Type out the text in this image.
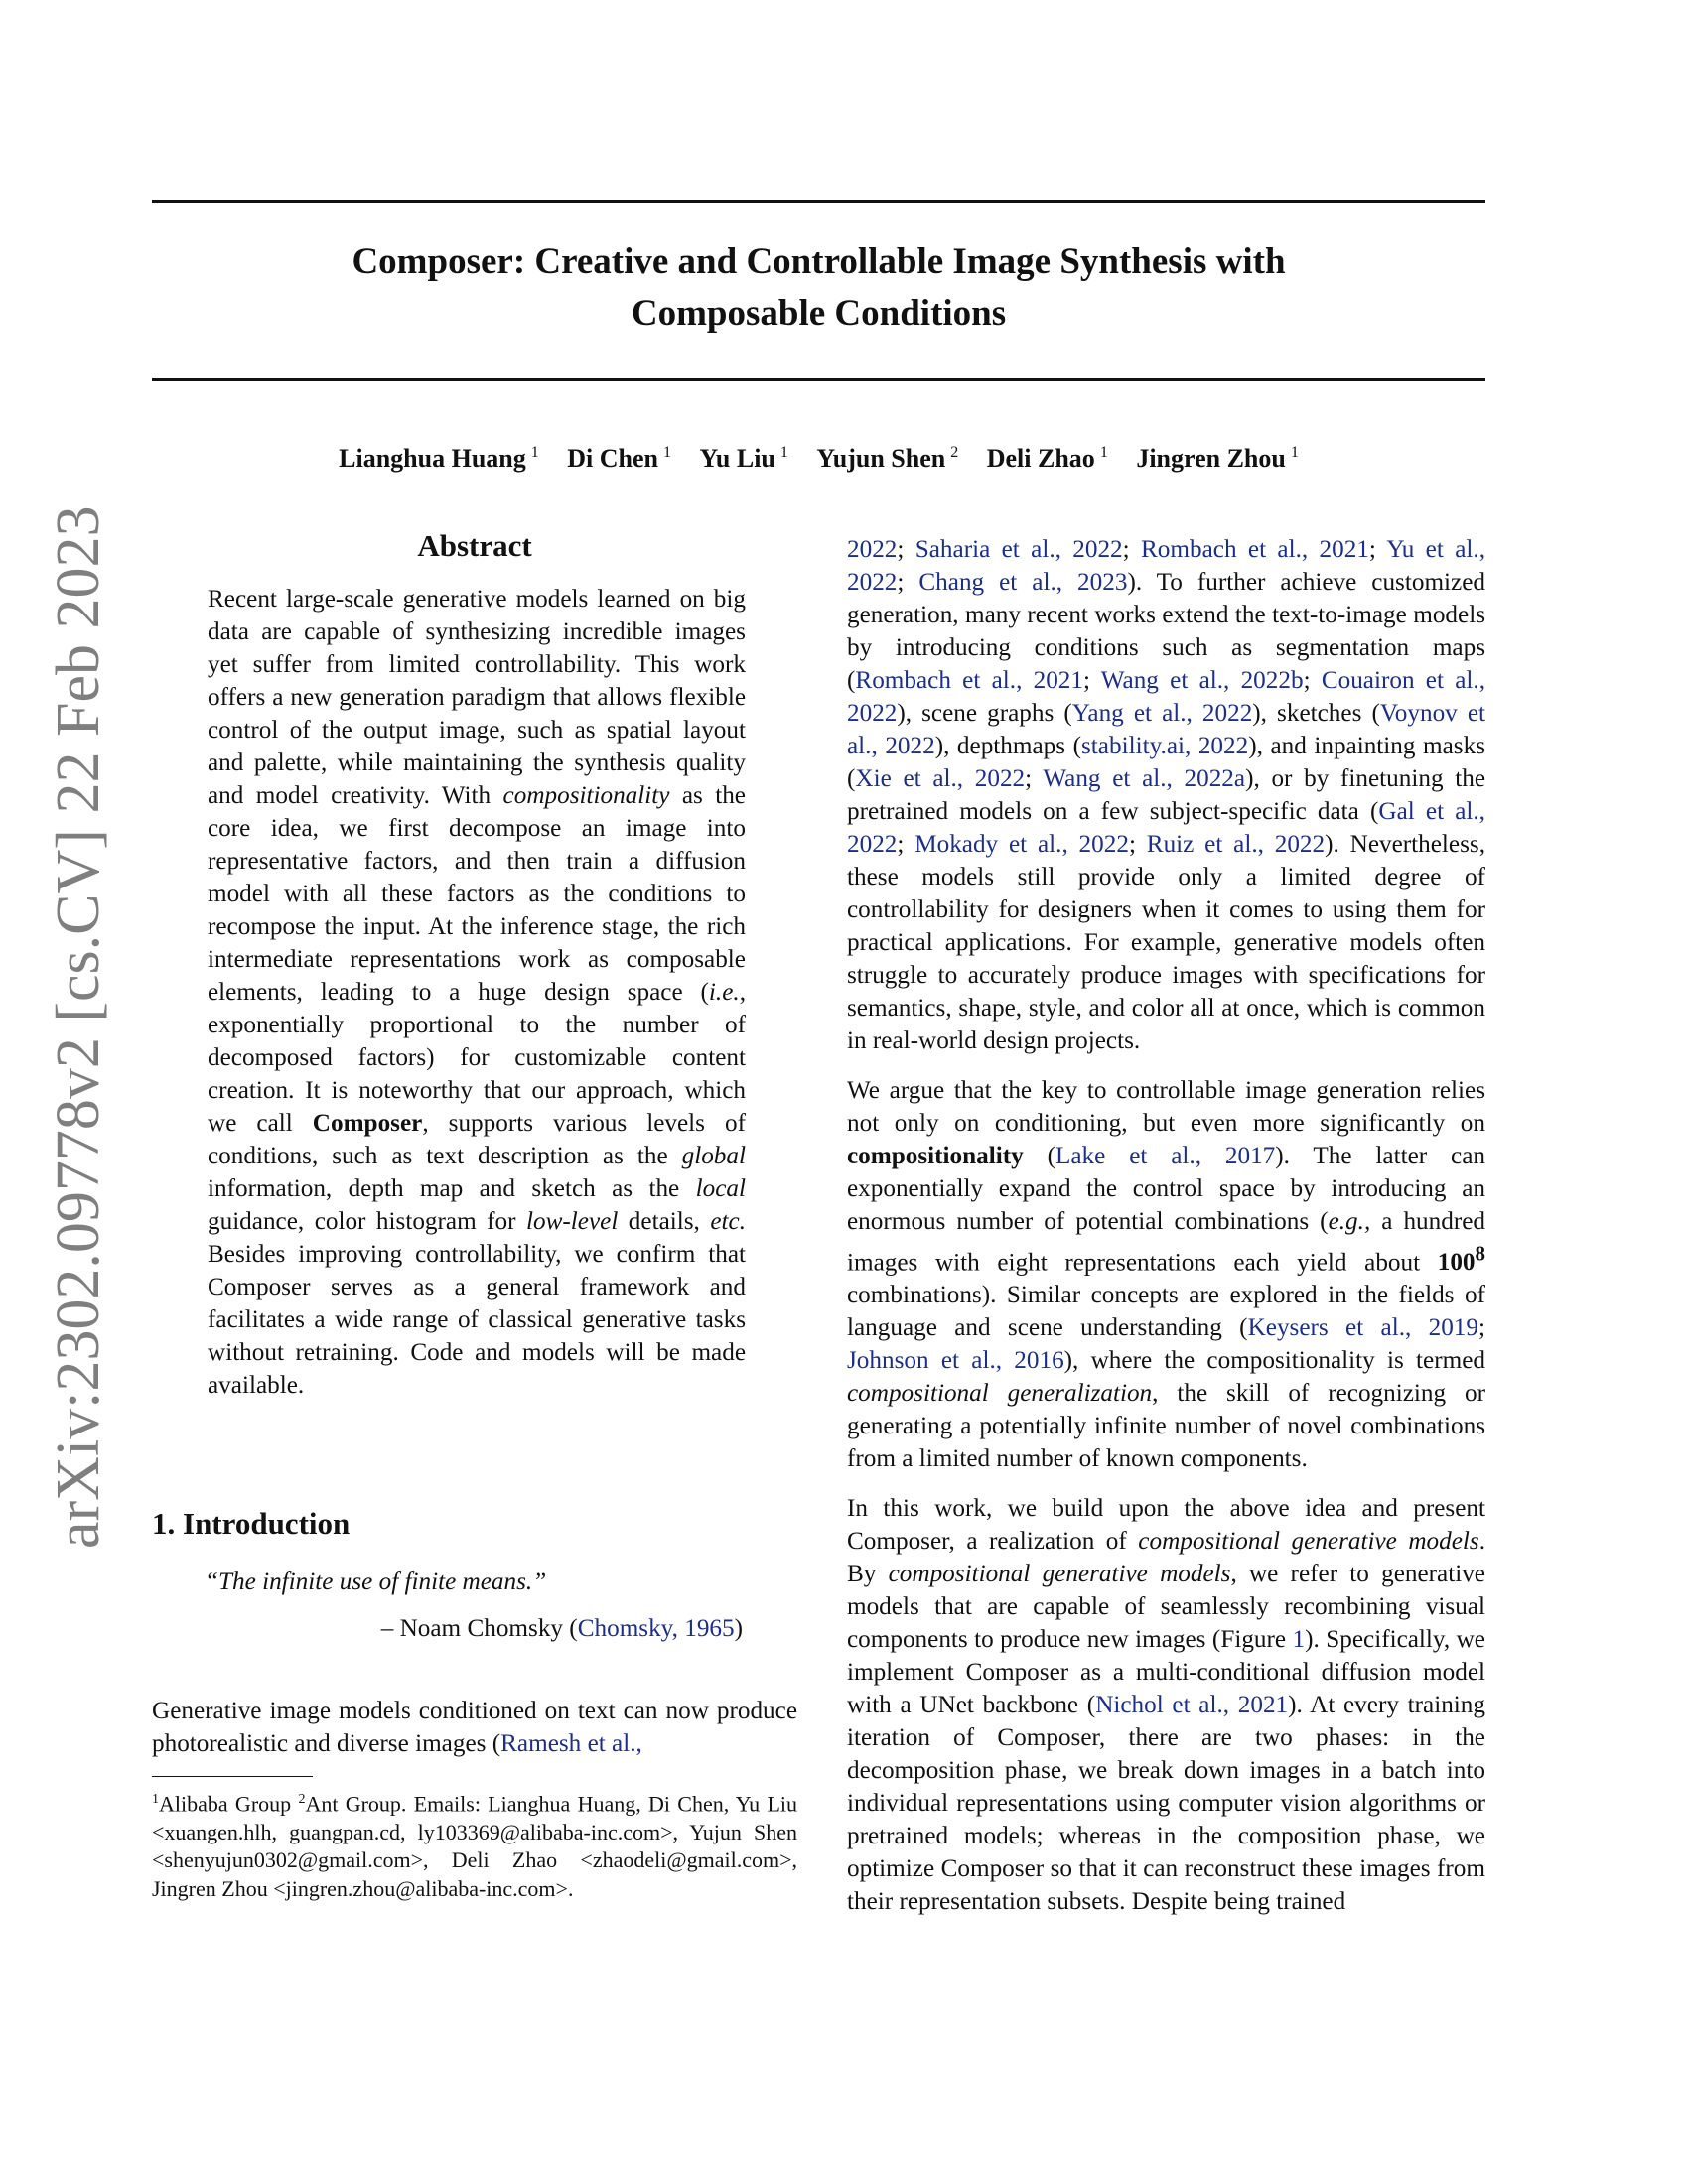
Composer: Creative and Controllable Image Synthesis with
Composable Conditions
Lianghua Huang $^1$ Di Chen $^1$ Yu Liu $^1$ Yujun Shen $^2$ Deli Zhao $^1$ Jingren Zhou $^1$
arXiv:2302.09778v2 [cs.CV] 22 Feb 2023	Abstract
Recent large-scale generative models learned on big data are capable of synthesizing incredible images yet suffer from limited controllability. This work offers a new generation paradigm that allows flexible control of the output image, such as spatial layout and palette, while maintaining the synthesis quality and model creativity. With compositionality as the core idea, we first decompose an image into representative factors, and then train a diffusion model with all these factors as the conditions to recompose the input. At the inference stage, the rich intermediate representations work as composable elements, leading to a huge design space (i.e., exponentially proportional to the number of decomposed factors) for customizable content creation. It is noteworthy that our approach, which we call Composer, supports various levels of conditions, such as text description as the global information, depth map and sketch as the local guidance, color histogram for low-level details, etc. Besides improving controllability, we confirm that Composer serves as a general framework and facilitates a wide range of classical generative tasks without retraining. Code and models will be made available.
1. Introduction
“The infinite use of finite means.”
– Noam Chomsky (Chomsky, 1965)
Generative image models conditioned on text can now produce photorealistic and diverse images (Ramesh et al.,
$^1$Alibaba Group $^2$Ant Group. Emails: Lianghua Huang, Di Chen, Yu Liu <xuangen.hlh, guangpan.cd, ly103369@alibaba-inc.com>, Yujun Shen <shenyujun0302@gmail.com>, Deli Zhao <zhaodeli@gmail.com>, Jingren Zhou <jingren.zhou@alibaba-inc.com>.

2022; Saharia et al., 2022; Rombach et al., 2021; Yu et al., 2022; Chang et al., 2023). To further achieve customized generation, many recent works extend the text-to-image models by introducing conditions such as segmentation maps (Rombach et al., 2021; Wang et al., 2022b; Couairon et al., 2022), scene graphs (Yang et al., 2022), sketches (Voynov et al., 2022), depthmaps (stability.ai, 2022), and inpainting masks (Xie et al., 2022; Wang et al., 2022a), or by finetuning the pretrained models on a few subject-specific data (Gal et al., 2022; Mokady et al., 2022; Ruiz et al., 2022). Nevertheless, these models still provide only a limited degree of controllability for designers when it comes to using them for practical applications. For example, generative models often struggle to accurately produce images with specifications for semantics, shape, style, and color all at once, which is common in real-world design projects.

We argue that the key to controllable image generation relies not only on conditioning, but even more significantly on compositionality (Lake et al., 2017). The latter can exponentially expand the control space by introducing an enormous number of potential combinations (e.g., a hundred images with eight representations each yield about $100^8$ combinations). Similar concepts are explored in the fields of language and scene understanding (Keysers et al., 2019; Johnson et al., 2016), where the compositionality is termed compositional generalization, the skill of recognizing or generating a potentially infinite number of novel combinations from a limited number of known components.

In this work, we build upon the above idea and present Composer, a realization of compositional generative models. By compositional generative models, we refer to generative models that are capable of seamlessly recombining visual components to produce new images (Figure 1). Specifically, we implement Composer as a multi-conditional diffusion model with a UNet backbone (Nichol et al., 2021). At every training iteration of Composer, there are two phases: in the decomposition phase, we break down images in a batch into individual representations using computer vision algorithms or pretrained models; whereas in the composition phase, we optimize Composer so that it can reconstruct these images from their representation subsets. Despite being trained
